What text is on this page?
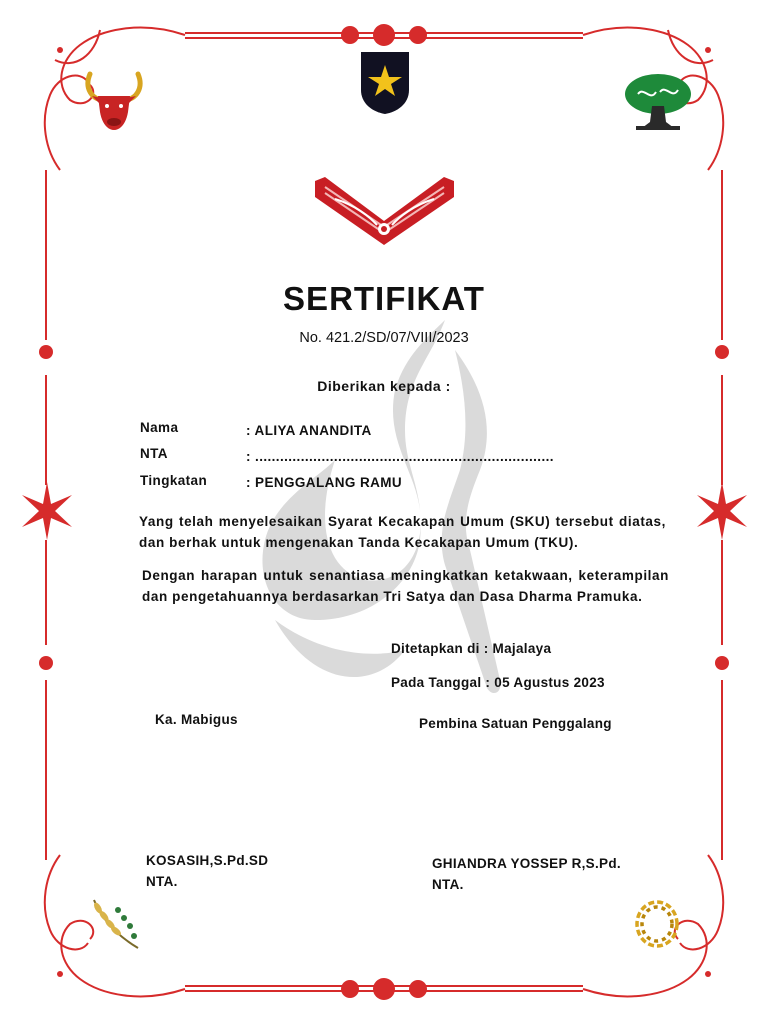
SERTIFIKAT
No. 421.2/SD/07/VIII/2023
Diberikan kepada :
Nama	: ALIYA ANANDITA
NTA	: ........................................................................
Tingkatan	: PENGGALANG RAMU
Yang telah menyelesaikan Syarat Kecakapan Umum (SKU) tersebut diatas, dan berhak untuk mengenakan Tanda Kecakapan Umum (TKU).
Dengan harapan untuk senantiasa meningkatkan ketakwaan, keterampilan dan pengetahuannya berdasarkan Tri Satya dan Dasa Dharma Pramuka.
Ditetapkan di : Majalaya
Pada Tanggal : 05 Agustus 2023
Ka. Mabigus	Pembina Satuan Penggalang
KOSASIH,S.Pd.SD
NTA.
GHIANDRA YOSSEP R,S.Pd.
NTA.
